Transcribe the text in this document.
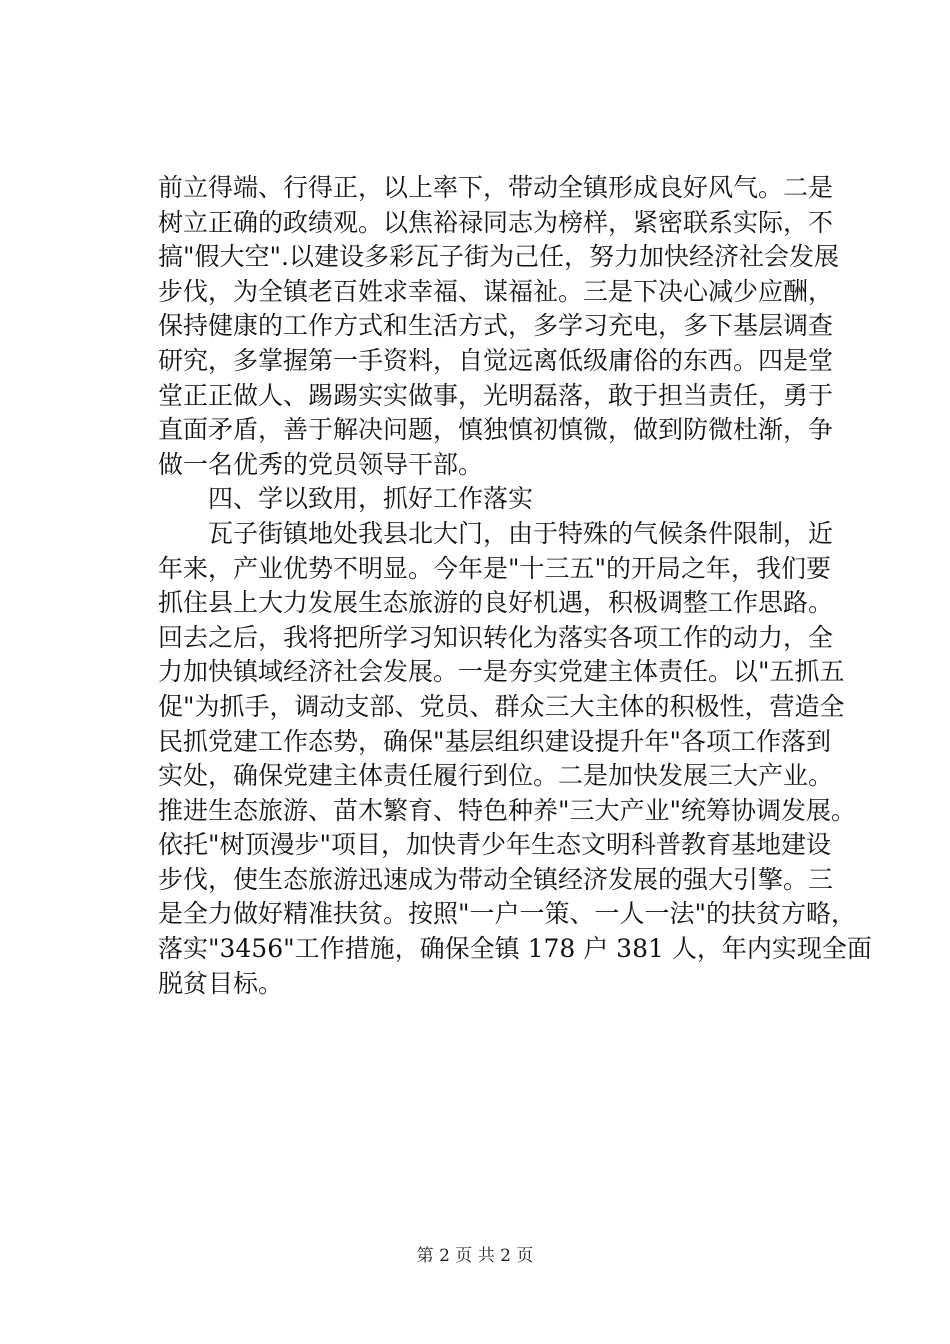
前立得端、行得正，以上率下，带动全镇形成良好风气。二是
树立正确的政绩观。以焦裕禄同志为榜样，紧密联系实际，不
搞"假大空".以建设多彩瓦子街为己任，努力加快经济社会发展
步伐，为全镇老百姓求幸福、谋福祉。三是下决心减少应酬，
保持健康的工作方式和生活方式，多学习充电，多下基层调查
研究，多掌握第一手资料，自觉远离低级庸俗的东西。四是堂
堂正正做人、踢踢实实做事，光明磊落，敢于担当责任，勇于
直面矛盾，善于解决问题，慎独慎初慎微，做到防微杜渐，争
做一名优秀的党员领导干部。
　　四、学以致用，抓好工作落实
　　瓦子街镇地处我县北大门，由于特殊的气候条件限制，近
年来，产业优势不明显。今年是"十三五"的开局之年，我们要
抓住县上大力发展生态旅游的良好机遇，积极调整工作思路。
回去之后，我将把所学习知识转化为落实各项工作的动力，全
力加快镇域经济社会发展。一是夯实党建主体责任。以"五抓五
促"为抓手，调动支部、党员、群众三大主体的积极性，营造全
民抓党建工作态势，确保"基层组织建设提升年"各项工作落到
实处，确保党建主体责任履行到位。二是加快发展三大产业。
推进生态旅游、苗木繁育、特色种养"三大产业"统筹协调发展。
依托"树顶漫步"项目，加快青少年生态文明科普教育基地建设
步伐，使生态旅游迅速成为带动全镇经济发展的强大引擎。三
是全力做好精准扶贫。按照"一户一策、一人一法"的扶贫方略，
落实"3456"工作措施，确保全镇 178 户 381 人，年内实现全面
脱贫目标。
第 2 页 共 2 页
